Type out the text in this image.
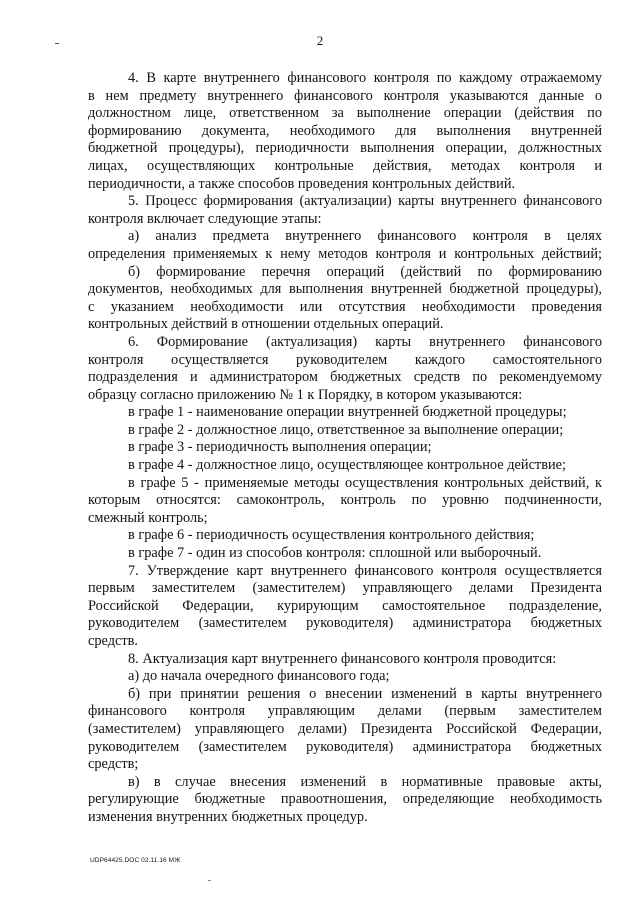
2

4. В карте внутреннего финансового контроля по каждому отражаемому

в нем предмету внутреннего финансового контроля указываются данные о

должностном лице, ответственном за выполнение операции (действия по

формированию документа, необходимого для выполнения внутренней

бюджетной процедуры), периодичности выполнения операции, должностных

лицах, осуществляющих контрольные действия, методах контроля и

периодичности, а также способов проведения контрольных действий.

5. Процесс формирования (актуализации) карты внутреннего финансового

контроля включает следующие этапы:

а) анализ предмета внутреннего финансового контроля в целях

определения применяемых к нему методов контроля и контрольных действий;

б) формирование перечня операций (действий по формированию

документов, необходимых для выполнения внутренней бюджетной процедуры),

с указанием необходимости или отсутствия необходимости проведения

контрольных действий в отношении отдельных операций.

6. Формирование (актуализация) карты внутреннего финансового

контроля осуществляется руководителем каждого самостоятельного

подразделения и администратором бюджетных средств по рекомендуемому

образцу согласно приложению № 1 к Порядку, в котором указываются:

в графе 1 - наименование операции внутренней бюджетной процедуры;

в графе 2 - должностное лицо, ответственное за выполнение операции;

в графе 3 - периодичность выполнения операции;

в графе 4 - должностное лицо, осуществляющее контрольное действие;

в графе 5 - применяемые методы осуществления контрольных действий, к

которым относятся: самоконтроль, контроль по уровню подчиненности,

смежный контроль;

в графе 6 - периодичность осуществления контрольного действия;

в графе 7 - один из способов контроля: сплошной или выборочный.

7. Утверждение карт внутреннего финансового контроля осуществляется

первым заместителем (заместителем) управляющего делами Президента

Российской Федерации, курирующим самостоятельное подразделение,

руководителем (заместителем руководителя) администратора бюджетных

средств.

8. Актуализация карт внутреннего финансового контроля проводится:

а) до начала очередного финансового года;

б) при принятии решения о внесении изменений в карты внутреннего

финансового контроля управляющим делами (первым заместителем

(заместителем) управляющего делами) Президента Российской Федерации,

руководителем (заместителем руководителя) администратора бюджетных

средств;

в) в случае внесения изменений в нормативные правовые акты,

регулирующие бюджетные правоотношения, определяющие необходимость

изменения внутренних бюджетных процедур.

UDP64425.DOC 02.11.16 МЖ
